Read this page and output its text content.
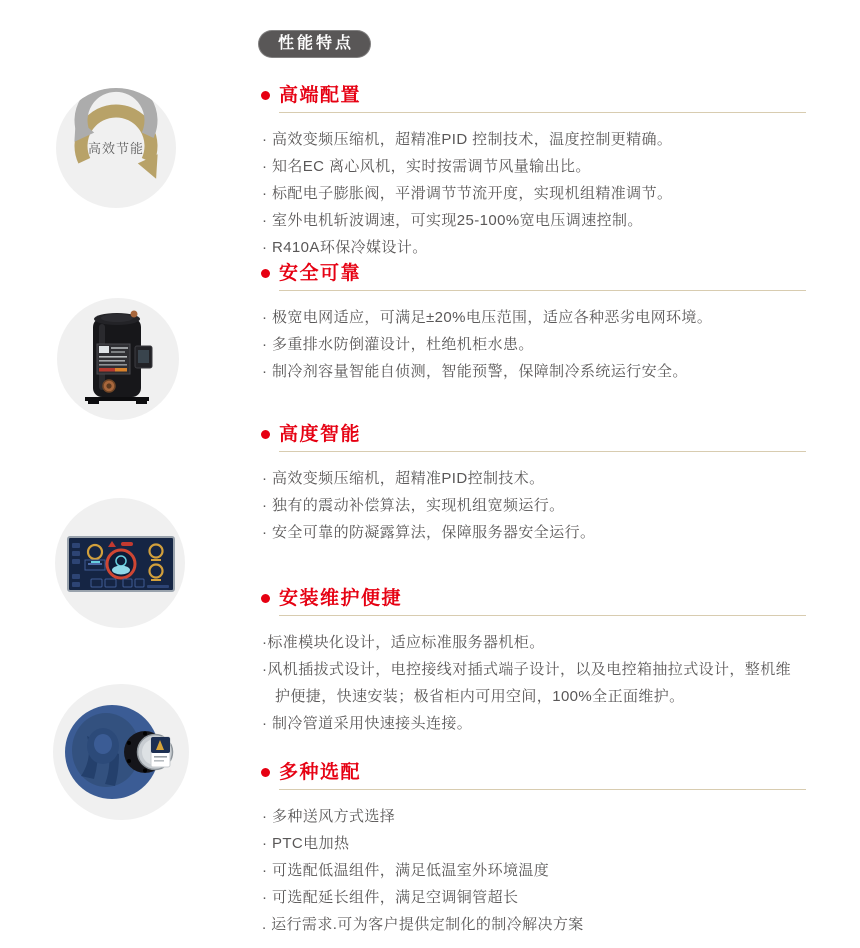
性能特点
高效节能
高端配置
· 高效变频压缩机，超精准PID 控制技术，温度控制更精确。
· 知名EC 离心风机，实时按需调节风量输出比。
· 标配电子膨胀阀，平滑调节节流开度，实现机组精准调节。
· 室外电机斩波调速，可实现25-100%宽电压调速控制。
· R410A环保冷媒设计。
安全可靠
· 极宽电网适应，可满足±20%电压范围，适应各种恶劣电网环境。
· 多重排水防倒灌设计，杜绝机柜水患。
· 制冷剂容量智能自侦测，智能预警，保障制冷系统运行安全。
高度智能
· 高效变频压缩机，超精准PID控制技术。
· 独有的震动补偿算法，实现机组宽频运行。
· 安全可靠的防凝露算法，保障服务器安全运行。
安装维护便捷
·标准模块化设计，适应标准服务器机柜。
·风机插拔式设计，电控接线对插式端子设计，以及电控箱抽拉式设计，整机维护便捷，快速安装；极省柜内可用空间，100%全正面维护。
· 制冷管道采用快速接头连接。
多种选配
· 多种送风方式选择
· PTC电加热
· 可选配低温组件，满足低温室外环境温度
· 可选配延长组件，满足空调铜管超长
. 运行需求.可为客户提供定制化的制冷解决方案
